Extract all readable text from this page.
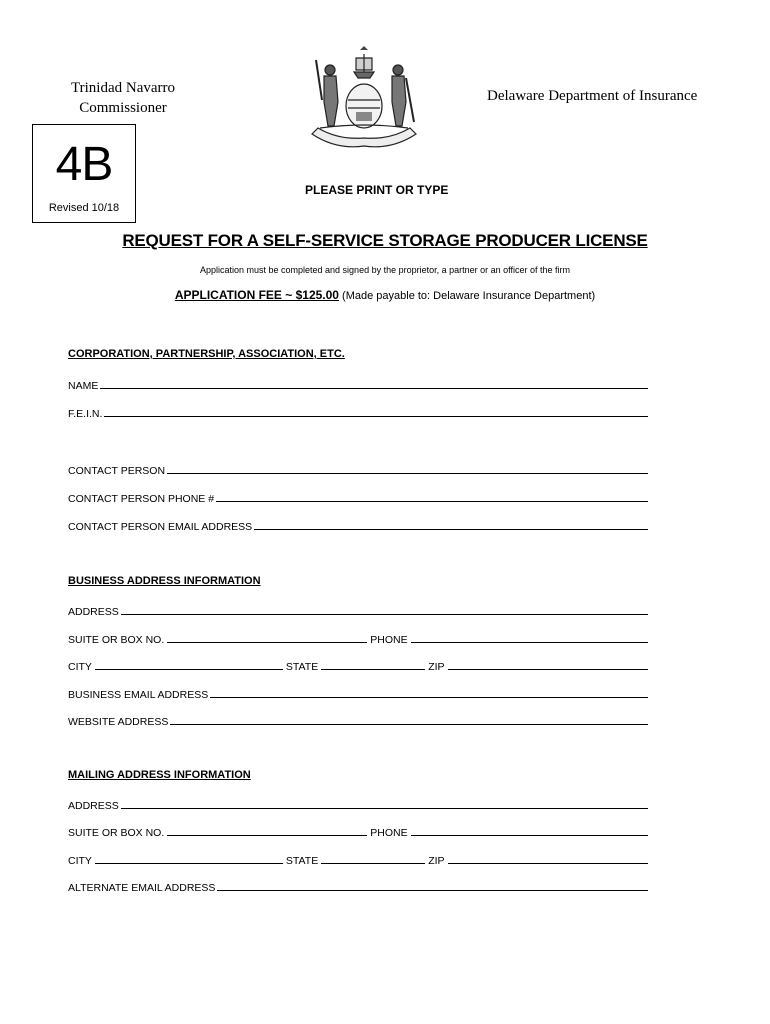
Trinidad Navarro
Commissioner
Delaware Department of Insurance
4B
Revised 10/18
PLEASE PRINT OR TYPE
REQUEST FOR A SELF-SERVICE STORAGE PRODUCER LICENSE
Application must be completed and signed by the proprietor, a partner or an officer of the firm
APPLICATION FEE ~ $125.00 (Made payable to: Delaware Insurance Department)
CORPORATION, PARTNERSHIP, ASSOCIATION, ETC.
NAME
F.E.I.N.
CONTACT PERSON
CONTACT PERSON PHONE #
CONTACT PERSON EMAIL ADDRESS
BUSINESS ADDRESS INFORMATION
ADDRESS
SUITE OR BOX NO.	PHONE
CITY	STATE	ZIP
BUSINESS EMAIL ADDRESS
WEBSITE ADDRESS
MAILING ADDRESS INFORMATION
ADDRESS
SUITE OR BOX NO.	PHONE
CITY	STATE	ZIP
ALTERNATE EMAIL ADDRESS
